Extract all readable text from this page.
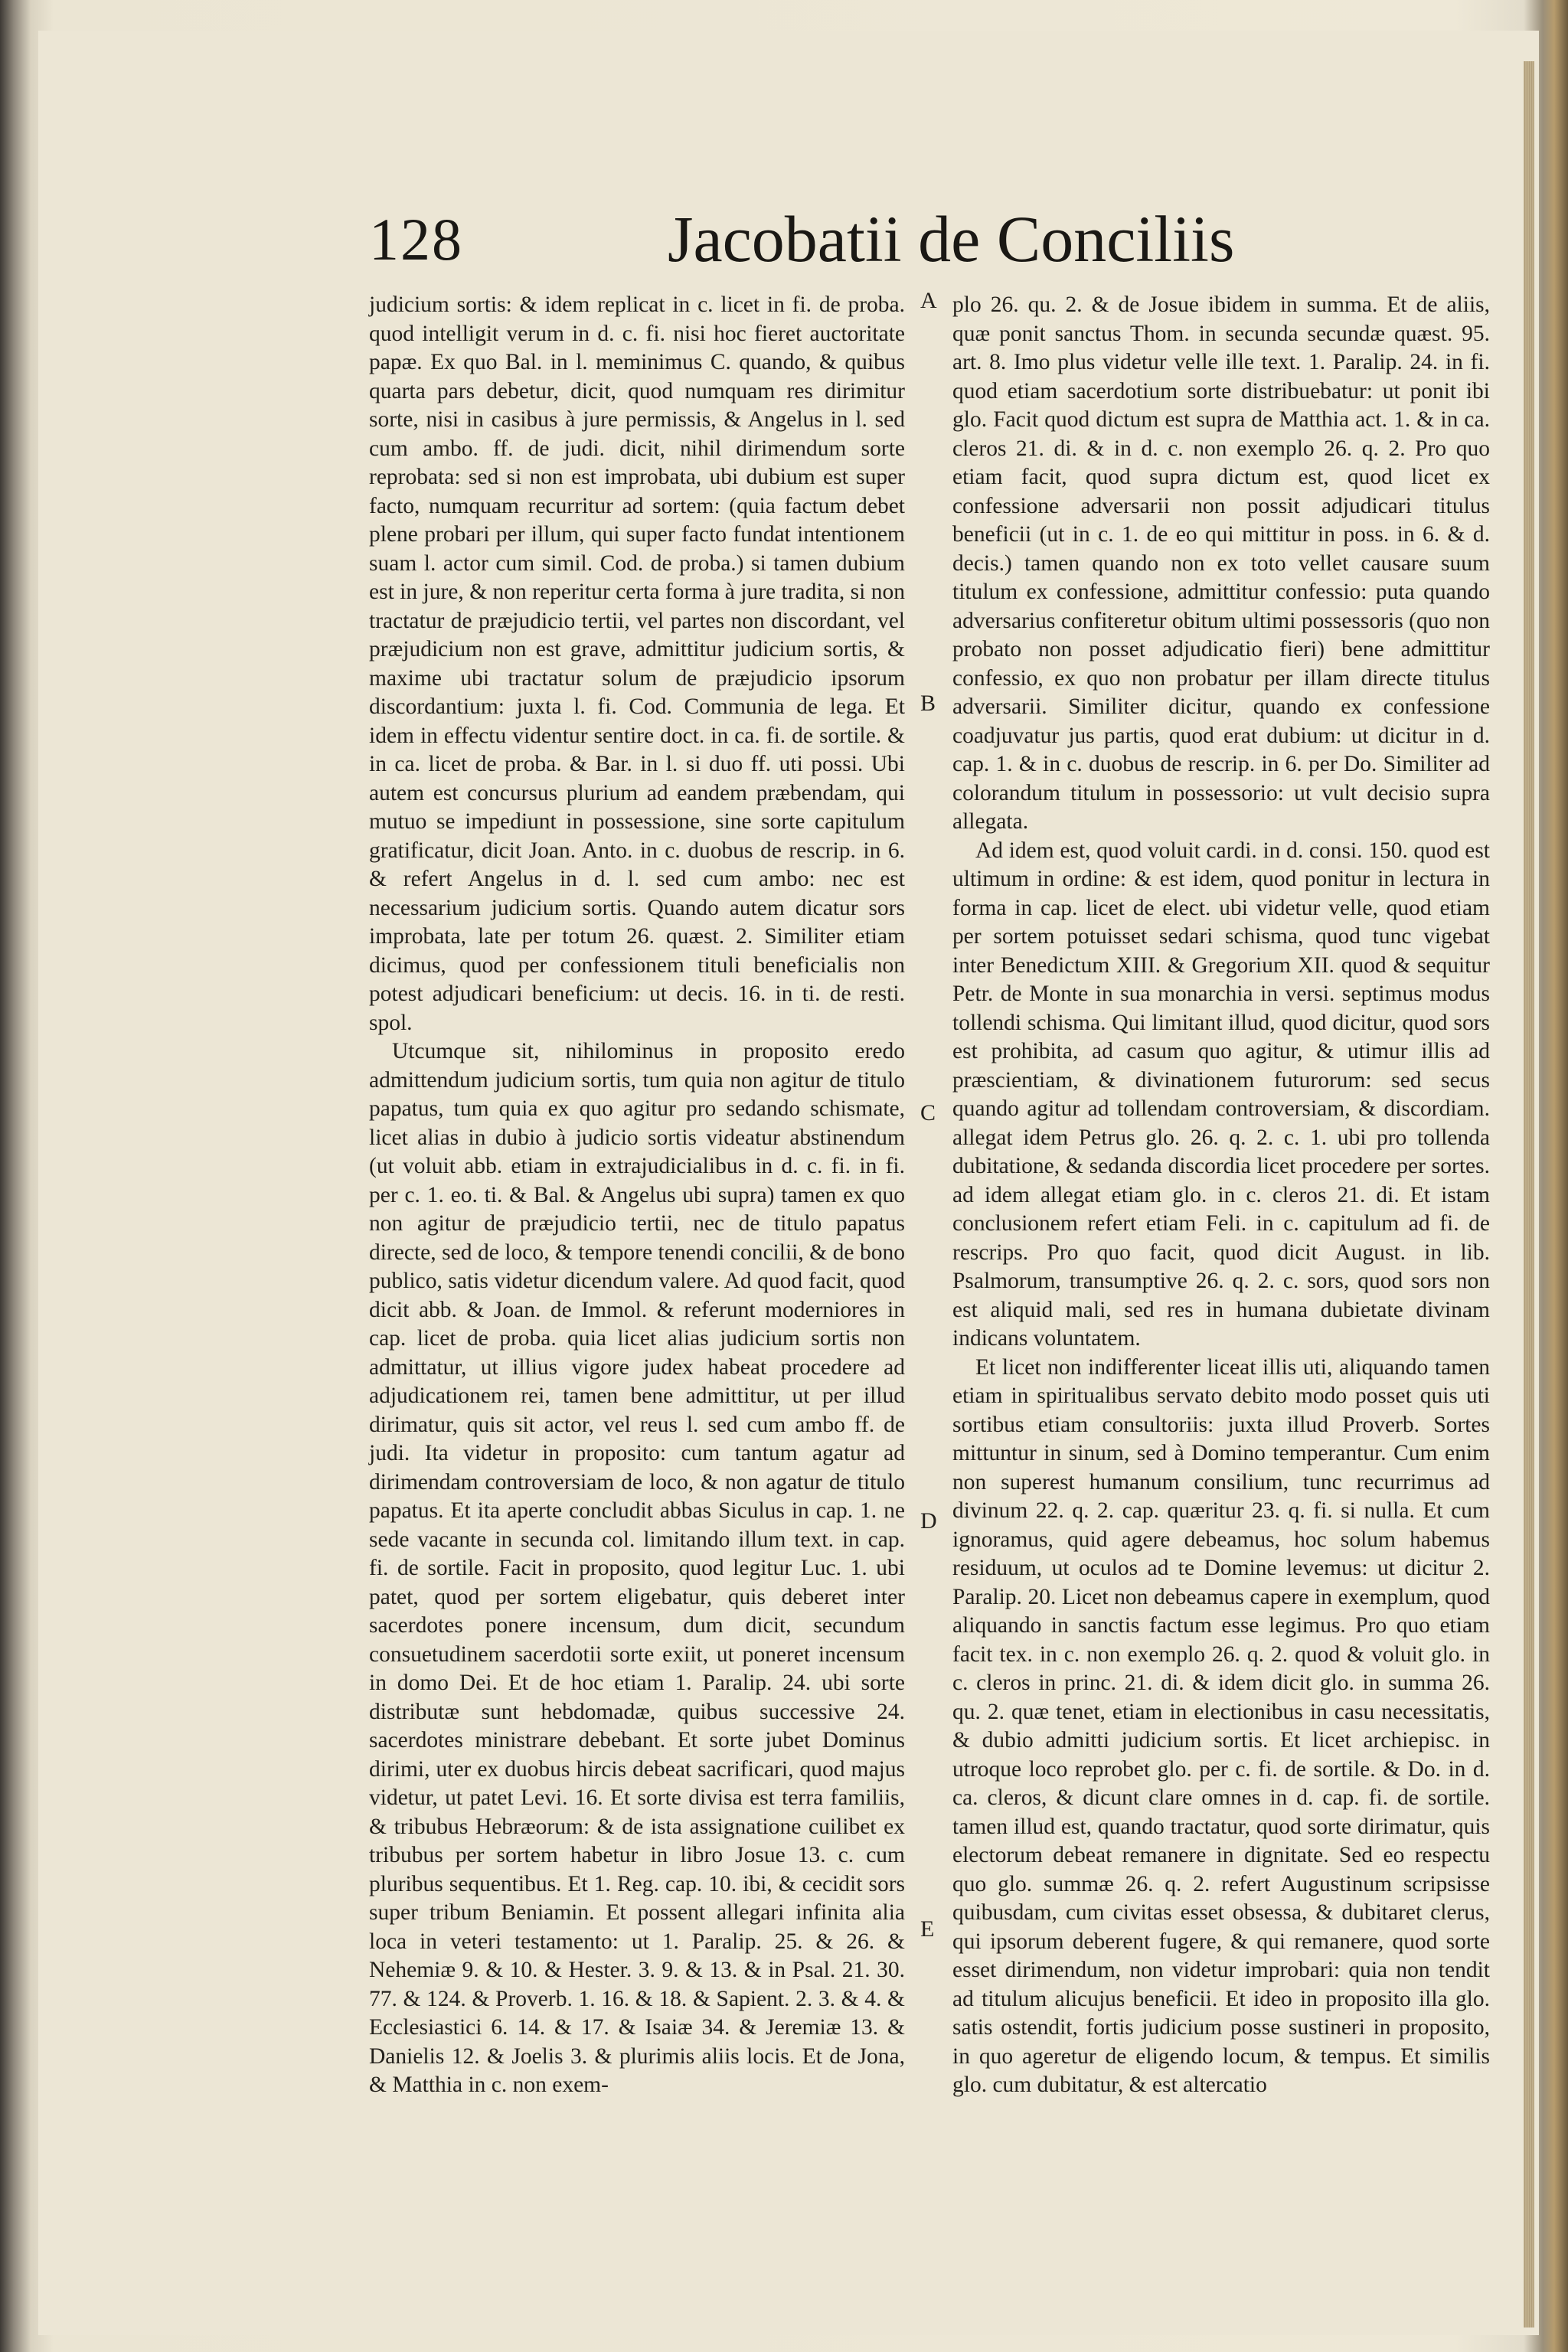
128	Jacobatii de Conciliis

judicium sortis: & idem replicat in c. licet in fi. de proba. quod intelligit verum in d. c. fi. nisi hoc fieret auctoritate papæ. Ex quo Bal. in l. meminimus C. quando, & quibus quarta pars debetur, dicit, quod numquam res dirimitur sorte, nisi in casibus à jure permissis, & Angelus in l. sed cum ambo. ff. de judi. dicit, nihil dirimendum sorte reprobata: sed si non est improbata, ubi dubium est super facto, numquam recurritur ad sortem: (quia factum debet plene probari per illum, qui super facto fundat intentionem suam l. actor cum simil. Cod. de proba.) si tamen dubium est in jure, & non reperitur certa forma à jure tradita, si non tractatur de præjudicio tertii, vel partes non discordant, vel præjudicium non est grave, admittitur judicium sortis, & maxime ubi tractatur solum de præjudicio ipsorum discordantium: juxta l. fi. Cod. Communia de lega. Et idem in effectu videntur sentire doct. in ca. fi. de sortile. & in ca. licet de proba. & Bar. in l. si duo ff. uti possi. Ubi autem est concursus plurium ad eandem præbendam, qui mutuo se impediunt in possessione, sine sorte capitulum gratificatur, dicit Joan. Anto. in c. duobus de rescrip. in 6. & refert Angelus in d. l. sed cum ambo: nec est necessarium judicium sortis. Quando autem dicatur sors improbata, late per totum 26. quæst. 2. Similiter etiam dicimus, quod per confessionem tituli beneficialis non potest adjudicari beneficium: ut decis. 16. in ti. de resti. spol.

Utcumque sit, nihilominus in proposito eredo admittendum judicium sortis, tum quia non agitur de titulo papatus, tum quia ex quo agitur pro sedando schismate, licet alias in dubio à judicio sortis videatur abstinendum (ut voluit abb. etiam in extrajudicialibus in d. c. fi. in fi. per c. 1. eo. ti. & Bal. & Angelus ubi supra) tamen ex quo non agitur de præjudicio tertii, nec de titulo papatus directe, sed de loco, & tempore tenendi concilii, & de bono publico, satis videtur dicendum valere. Ad quod facit, quod dicit abb. & Joan. de Immol. & referunt moderniores in cap. licet de proba. quia licet alias judicium sortis non admittatur, ut illius vigore judex habeat procedere ad adjudicationem rei, tamen bene admittitur, ut per illud dirimatur, quis sit actor, vel reus l. sed cum ambo ff. de judi. Ita videtur in proposito: cum tantum agatur ad dirimendam controversiam de loco, & non agatur de titulo papatus. Et ita aperte concludit abbas Siculus in cap. 1. ne sede vacante in secunda col. limitando illum text. in cap. fi. de sortile. Facit in proposito, quod legitur Luc. 1. ubi patet, quod per sortem eligebatur, quis deberet inter sacerdotes ponere incensum, dum dicit, secundum consuetudinem sacerdotii sorte exiit, ut poneret incensum in domo Dei. Et de hoc etiam 1. Paralip. 24. ubi sorte distributæ sunt hebdomadæ, quibus successive 24. sacerdotes ministrare debebant. Et sorte jubet Dominus dirimi, uter ex duobus hircis debeat sacrificari, quod majus videtur, ut patet Levi. 16. Et sorte divisa est terra familiis, & tribubus Hebræorum: & de ista assignatione cuilibet ex tribubus per sortem habetur in libro Josue 13. c. cum pluribus sequentibus. Et 1. Reg. cap. 10. ibi, & cecidit sors super tribum Beniamin. Et possent allegari infinita alia loca in veteri testamento: ut 1. Paralip. 25. & 26. & Nehemiæ 9. & 10. & Hester. 3. 9. & 13. & in Psal. 21. 30. 77. & 124. & Proverb. 1. 16. & 18. & Sapient. 2. 3. & 4. & Ecclesiastici 6. 14. & 17. & Isaiæ 34. & Jeremiæ 13. & Danielis 12. & Joelis 3. & plurimis aliis locis. Et de Jona, & Matthia in c. non exem-

A
B
C
D
E

plo 26. qu. 2. & de Josue ibidem in summa. Et de aliis, quæ ponit sanctus Thom. in secunda secundæ quæst. 95. art. 8. Imo plus videtur velle ille text. 1. Paralip. 24. in fi. quod etiam sacerdotium sorte distribuebatur: ut ponit ibi glo. Facit quod dictum est supra de Matthia act. 1. & in ca. cleros 21. di. & in d. c. non exemplo 26. q. 2. Pro quo etiam facit, quod supra dictum est, quod licet ex confessione adversarii non possit adjudicari titulus beneficii (ut in c. 1. de eo qui mittitur in poss. in 6. & d. decis.) tamen quando non ex toto vellet causare suum titulum ex confessione, admittitur confessio: puta quando adversarius confiteretur obitum ultimi possessoris (quo non probato non posset adjudicatio fieri) bene admittitur confessio, ex quo non probatur per illam directe titulus adversarii. Similiter dicitur, quando ex confessione coadjuvatur jus partis, quod erat dubium: ut dicitur in d. cap. 1. & in c. duobus de rescrip. in 6. per Do. Similiter ad colorandum titulum in possessorio: ut vult decisio supra allegata.

Ad idem est, quod voluit cardi. in d. consi. 150. quod est ultimum in ordine: & est idem, quod ponitur in lectura in forma in cap. licet de elect. ubi videtur velle, quod etiam per sortem potuisset sedari schisma, quod tunc vigebat inter Benedictum XIII. & Gregorium XII. quod & sequitur Petr. de Monte in sua monarchia in versi. septimus modus tollendi schisma. Qui limitant illud, quod dicitur, quod sors est prohibita, ad casum quo agitur, & utimur illis ad præscientiam, & divinationem futurorum: sed secus quando agitur ad tollendam controversiam, & discordiam. allegat idem Petrus glo. 26. q. 2. c. 1. ubi pro tollenda dubitatione, & sedanda discordia licet procedere per sortes. ad idem allegat etiam glo. in c. cleros 21. di. Et istam conclusionem refert etiam Feli. in c. capitulum ad fi. de rescrips. Pro quo facit, quod dicit August. in lib. Psalmorum, transumptive 26. q. 2. c. sors, quod sors non est aliquid mali, sed res in humana dubietate divinam indicans voluntatem.

Et licet non indifferenter liceat illis uti, aliquando tamen etiam in spiritualibus servato debito modo posset quis uti sortibus etiam consultoriis: juxta illud Proverb. Sortes mittuntur in sinum, sed à Domino temperantur. Cum enim non superest humanum consilium, tunc recurrimus ad divinum 22. q. 2. cap. quæritur 23. q. fi. si nulla. Et cum ignoramus, quid agere debeamus, hoc solum habemus residuum, ut oculos ad te Domine levemus: ut dicitur 2. Paralip. 20. Licet non debeamus capere in exemplum, quod aliquando in sanctis factum esse legimus. Pro quo etiam facit tex. in c. non exemplo 26. q. 2. quod & voluit glo. in c. cleros in princ. 21. di. & idem dicit glo. in summa 26. qu. 2. quæ tenet, etiam in electionibus in casu necessitatis, & dubio admitti judicium sortis. Et licet archiepisc. in utroque loco reprobet glo. per c. fi. de sortile. & Do. in d. ca. cleros, & dicunt clare omnes in d. cap. fi. de sortile. tamen illud est, quando tractatur, quod sorte dirimatur, quis electorum debeat remanere in dignitate. Sed eo respectu quo glo. summæ 26. q. 2. refert Augustinum scripsisse quibusdam, cum civitas esset obsessa, & dubitaret clerus, qui ipsorum deberent fugere, & qui remanere, quod sorte esset dirimendum, non videtur improbari: quia non tendit ad titulum alicujus beneficii. Et ideo in proposito illa glo. satis ostendit, fortis judicium posse sustineri in proposito, in quo ageretur de eligendo locum, & tempus. Et similis glo. cum dubitatur, & est altercatio
